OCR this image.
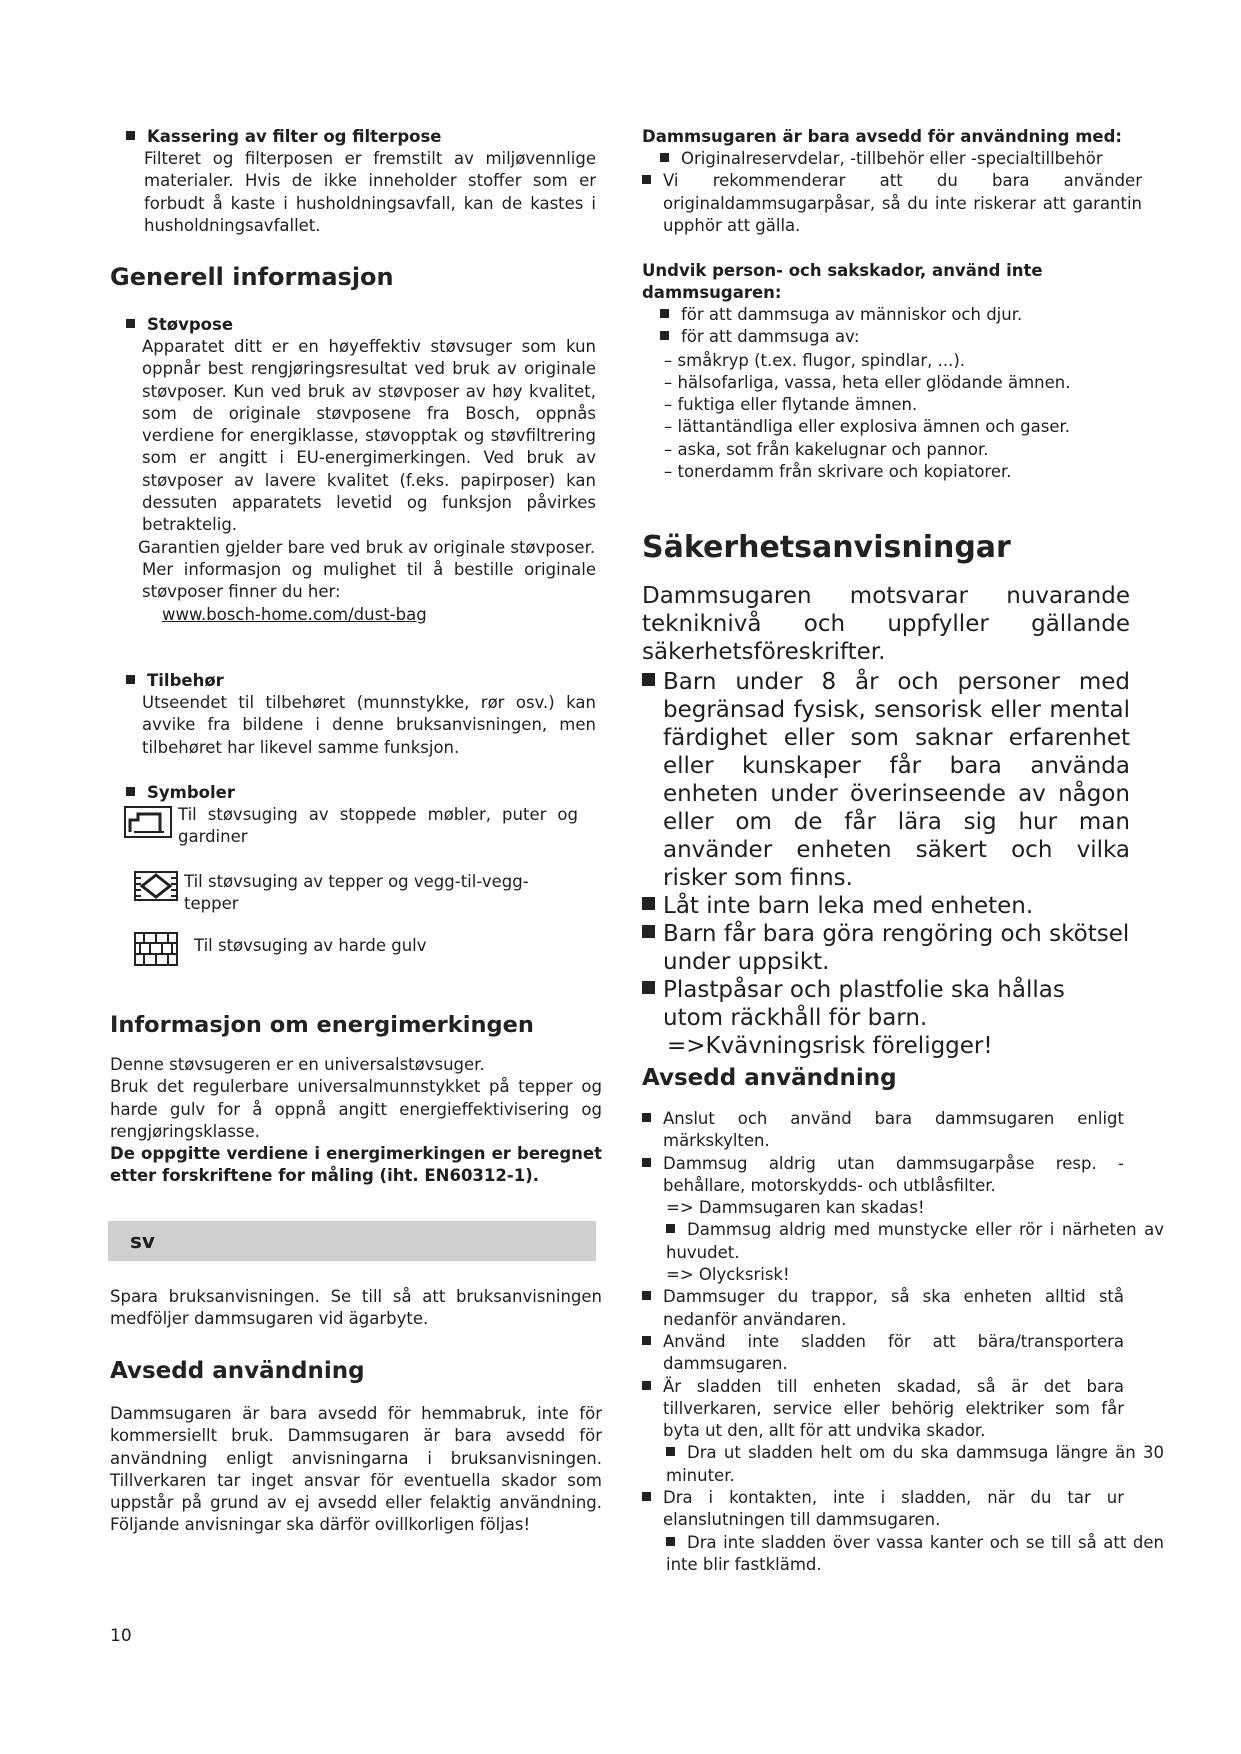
Kassering av filter og filterpose

Filteret og filterposen er fremstilt av miljøvennlige materialer. Hvis de ikke inneholder stoffer som er forbudt å kaste i husholdningsavfall, kan de kastes i husholdningsavfallet.

Generell informasjon
Støvpose

Apparatet ditt er en høyeffektiv støvsuger som kun oppnår best rengjøringsresultat ved bruk av originale støvposer. Kun ved bruk av støvposer av høy kvalitet, som de originale støvposene fra Bosch, oppnås verdiene for energiklasse, støvopptak og støvfiltrering som er angitt i EU-energimerkingen. Ved bruk av støvposer av lavere kvalitet (f.eks. papirposer) kan dessuten apparatets levetid og funksjon påvirkes betraktelig.

Garantien gjelder bare ved bruk av originale støvposer.

Mer informasjon og mulighet til å bestille originale støvposer finner du her:

www.bosch-home.com/dust-bag

Tilbehør

Utseendet til tilbehøret (munnstykke, rør osv.) kan avvike fra bildene i denne bruksanvisningen, men tilbehøret har likevel samme funksjon.

Symboler

Til støvsuging av stoppede møbler, puter og gardiner

Til støvsuging av tepper og vegg-til-vegg-tepper

Til støvsuging av harde gulv

Informasjon om energimerkingen

Denne støvsugeren er en universalstøvsuger.

Bruk det regulerbare universalmunnstykket på tepper og harde gulv for å oppnå angitt energieffektivisering og rengjøringsklasse.

De oppgitte verdiene i energimerkingen er beregnet etter forskriftene for måling (iht. EN60312-1).

Spara bruksanvisningen. Se till så att bruksanvisningen medföljer dammsugaren vid ägarbyte.
Avsedd användning
Dammsugaren är bara avsedd för hemmabruk, inte för kommersiellt bruk. Dammsugaren är bara avsedd för användning enligt anvisningarna i bruksanvisningen. Tillverkaren tar inget ansvar för eventuella skador som uppstår på grund av ej avsedd eller felaktig användning. Följande anvisningar ska därför ovillkorligen följas!
10
sv
Dammsugaren är bara avsedd för användning med:
Originalreservdelar, -tillbehör eller -specialtillbehör
Vi rekommenderar att du bara använder originaldammsugarpåsar, så du inte riskerar att garantin upphör att gälla.
Undvik person- och sakskador, använd inte dammsugaren:
för att dammsuga av människor och djur.
för att dammsuga av:
– småkryp (t.ex. flugor, spindlar, ...).
– hälsofarliga, vassa, heta eller glödande ämnen.
– fuktiga eller flytande ämnen.
– lättantändliga eller explosiva ämnen och gaser.
– aska, sot från kakelugnar och pannor.
– tonerdamm från skrivare och kopiatorer.
Säkerhetsanvisningar

Dammsugaren motsvarar nuvarande tekniknivå och uppfyller gällande säkerhetsföreskrifter.

Barn under 8 år och personer med begränsad fysisk, sensorisk eller mental färdighet eller som saknar erfarenhet eller kunskaper får bara använda enheten under överinseende av någon eller om de får lära sig hur man använder enheten säkert och vilka risker som finns.
Låt inte barn leka med enheten.
Barn får bara göra rengöring och skötsel under uppsikt.
Plastpåsar och plastfolie ska hållas utom räckhåll för barn.
=>Kvävningsrisk föreligger!
Avsedd användning
Anslut och använd bara dammsugaren enligt märkskylten.
Dammsug aldrig utan dammsugarpåse resp. -behållare, motorskydds- och utblåsfilter.
=> Dammsugaren kan skadas!
Dammsug aldrig med munstycke eller rör i närheten av huvudet.
=> Olycksrisk!
Dammsuger du trappor, så ska enheten alltid stå nedanför användaren.
Använd inte sladden för att bära/transportera dammsugaren.
Är sladden till enheten skadad, så är det bara tillverkaren, service eller behörig elektriker som får byta ut den, allt för att undvika skador.
Dra ut sladden helt om du ska dammsuga längre än 30 minuter.
Dra i kontakten, inte i sladden, när du tar ur elanslutningen till dammsugaren.
Dra inte sladden över vassa kanter och se till så att den inte blir fastklämd.
